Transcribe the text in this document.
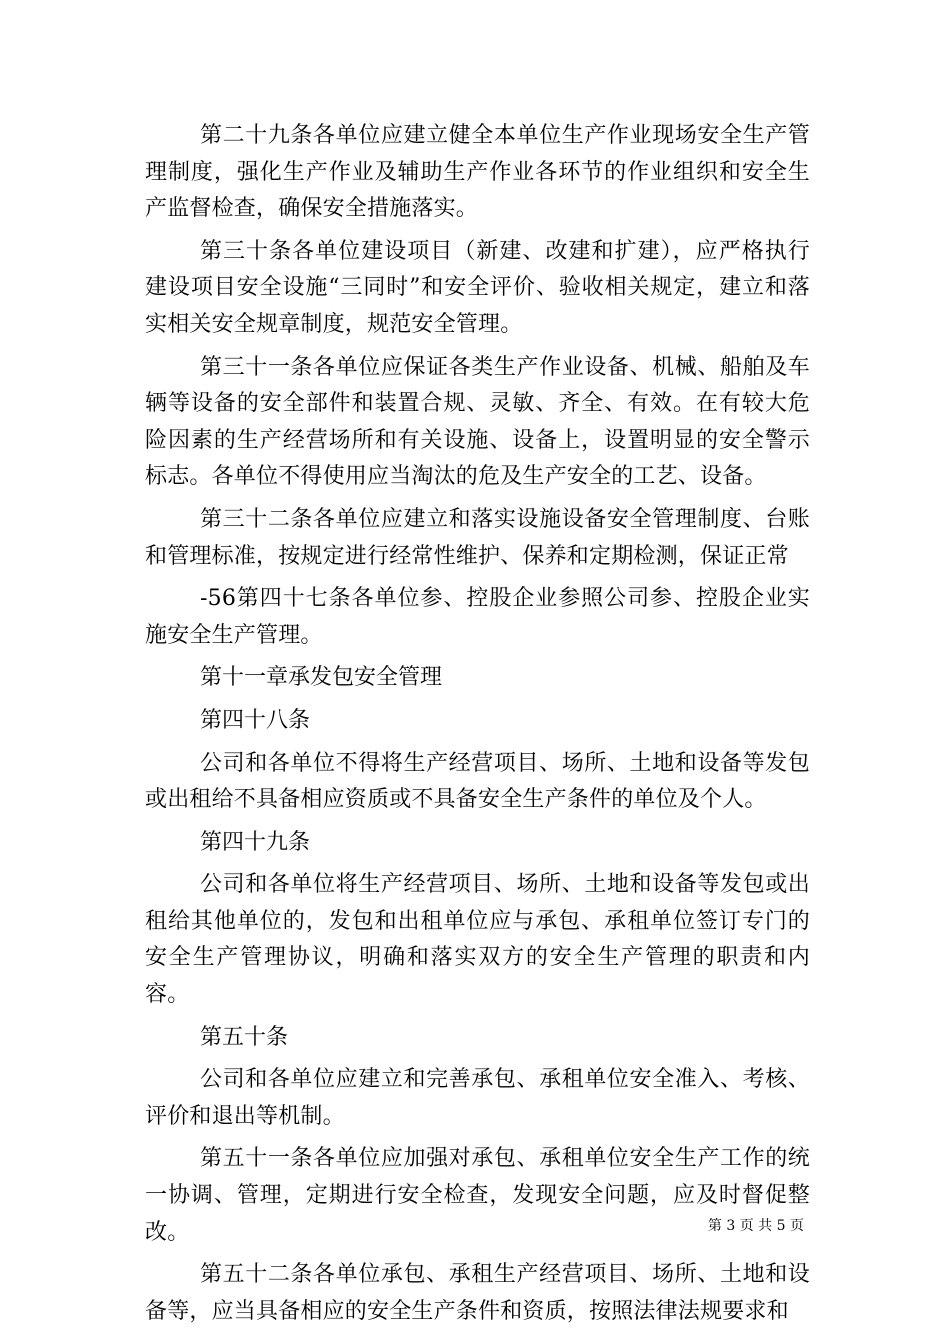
第二十九条各单位应建立健全本单位生产作业现场安全生产管理制度，强化生产作业及辅助生产作业各环节的作业组织和安全生产监督检查，确保安全措施落实。

第三十条各单位建设项目（新建、改建和扩建），应严格执行建设项目安全设施“三同时”和安全评价、验收相关规定，建立和落实相关安全规章制度，规范安全管理。

第三十一条各单位应保证各类生产作业设备、机械、船舶及车辆等设备的安全部件和装置合规、灵敏、齐全、有效。在有较大危险因素的生产经营场所和有关设施、设备上，设置明显的安全警示标志。各单位不得使用应当淘汰的危及生产安全的工艺、设备。

第三十二条各单位应建立和落实设施设备安全管理制度、台账和管理标准，按规定进行经常性维护、保养和定期检测，保证正常

-56第四十七条各单位参、控股企业参照公司参、控股企业实施安全生产管理。

第十一章承发包安全管理

第四十八条

公司和各单位不得将生产经营项目、场所、土地和设备等发包或出租给不具备相应资质或不具备安全生产条件的单位及个人。

第四十九条

公司和各单位将生产经营项目、场所、土地和设备等发包或出租给其他单位的，发包和出租单位应与承包、承租单位签订专门的安全生产管理协议，明确和落实双方的安全生产管理的职责和内容。

第五十条

公司和各单位应建立和完善承包、承租单位安全准入、考核、评价和退出等机制。

第五十一条各单位应加强对承包、承租单位安全生产工作的统一协调、管理，定期进行安全检查，发现安全问题，应及时督促整改。

第五十二条各单位承包、承租生产经营项目、场所、土地和设备等，应当具备相应的安全生产条件和资质，按照法律法规要求和

第 3 页 共 5 页
